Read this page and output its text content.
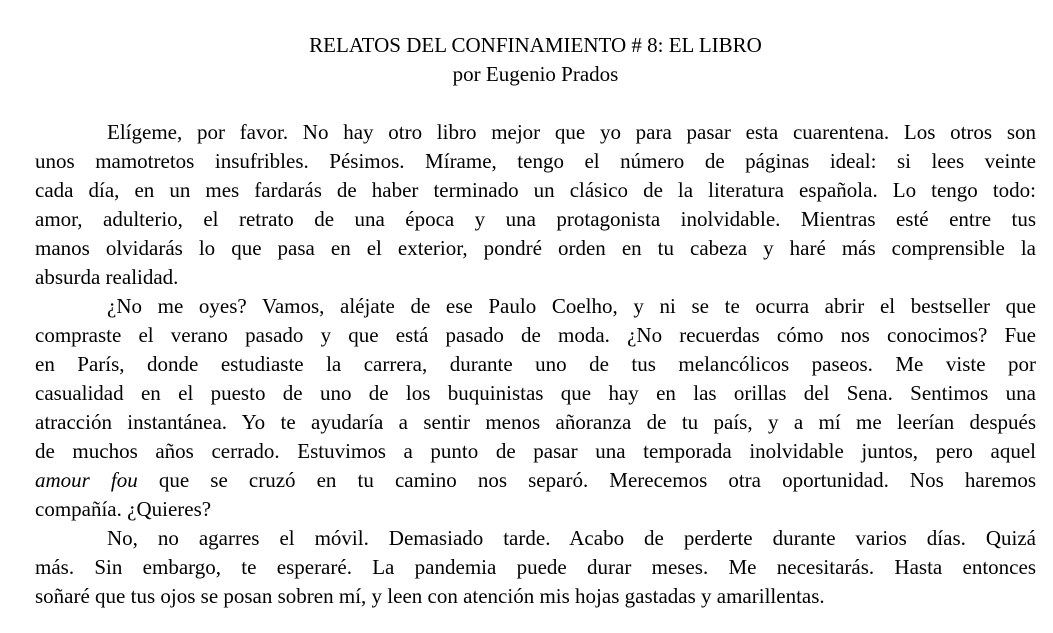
RELATOS DEL CONFINAMIENTO # 8: EL LIBRO

por Eugenio Prados

Elígeme, por favor. No hay otro libro mejor que yo para pasar esta cuarentena. Los otros son
unos mamotretos insufribles. Pésimos. Mírame, tengo el número de páginas ideal: si lees veinte
cada día, en un mes fardarás de haber terminado un clásico de la literatura española. Lo tengo todo:
amor, adulterio, el retrato de una época y una protagonista inolvidable. Mientras esté entre tus
manos olvidarás lo que pasa en el exterior, pondré orden en tu cabeza y haré más comprensible la
absurda realidad.
¿No me oyes? Vamos, aléjate de ese Paulo Coelho, y ni se te ocurra abrir el bestseller que
compraste el verano pasado y que está pasado de moda. ¿No recuerdas cómo nos conocimos? Fue
en París, donde estudiaste la carrera, durante uno de tus melancólicos paseos. Me viste por
casualidad en el puesto de uno de los buquinistas que hay en las orillas del Sena. Sentimos una
atracción instantánea. Yo te ayudaría a sentir menos añoranza de tu país, y a mí me leerían después
de muchos años cerrado. Estuvimos a punto de pasar una temporada inolvidable juntos, pero aquel
amour fou que se cruzó en tu camino nos separó. Merecemos otra oportunidad. Nos haremos
compañía. ¿Quieres?
No, no agarres el móvil. Demasiado tarde. Acabo de perderte durante varios días. Quizá
más. Sin embargo, te esperaré. La pandemia puede durar meses. Me necesitarás. Hasta entonces
soñaré que tus ojos se posan sobren mí, y leen con atención mis hojas gastadas y amarillentas.
